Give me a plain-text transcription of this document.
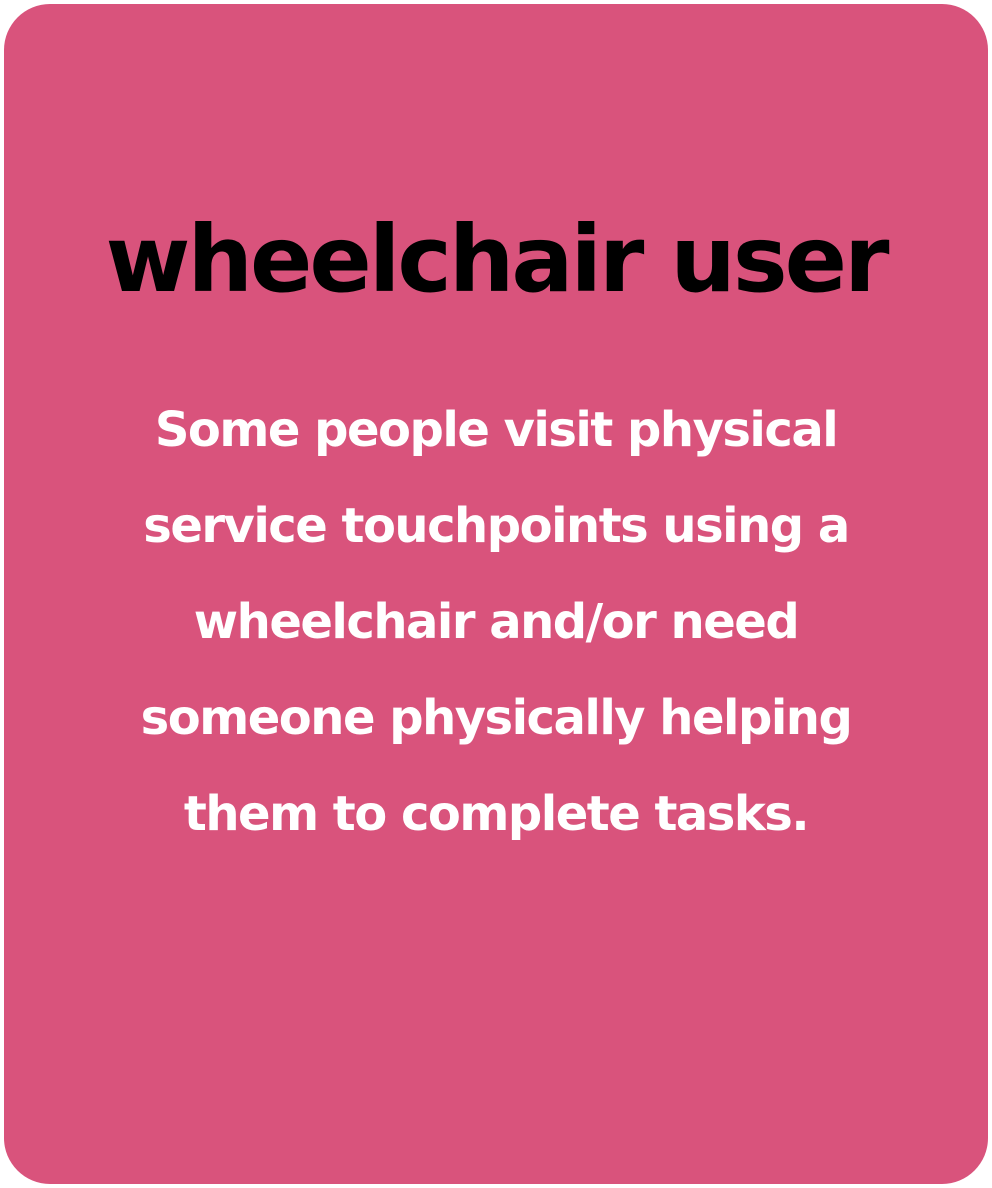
wheelchair user

Some people visit physical
service touchpoints using a
wheelchair and/or need
someone physically helping
them to complete tasks.
